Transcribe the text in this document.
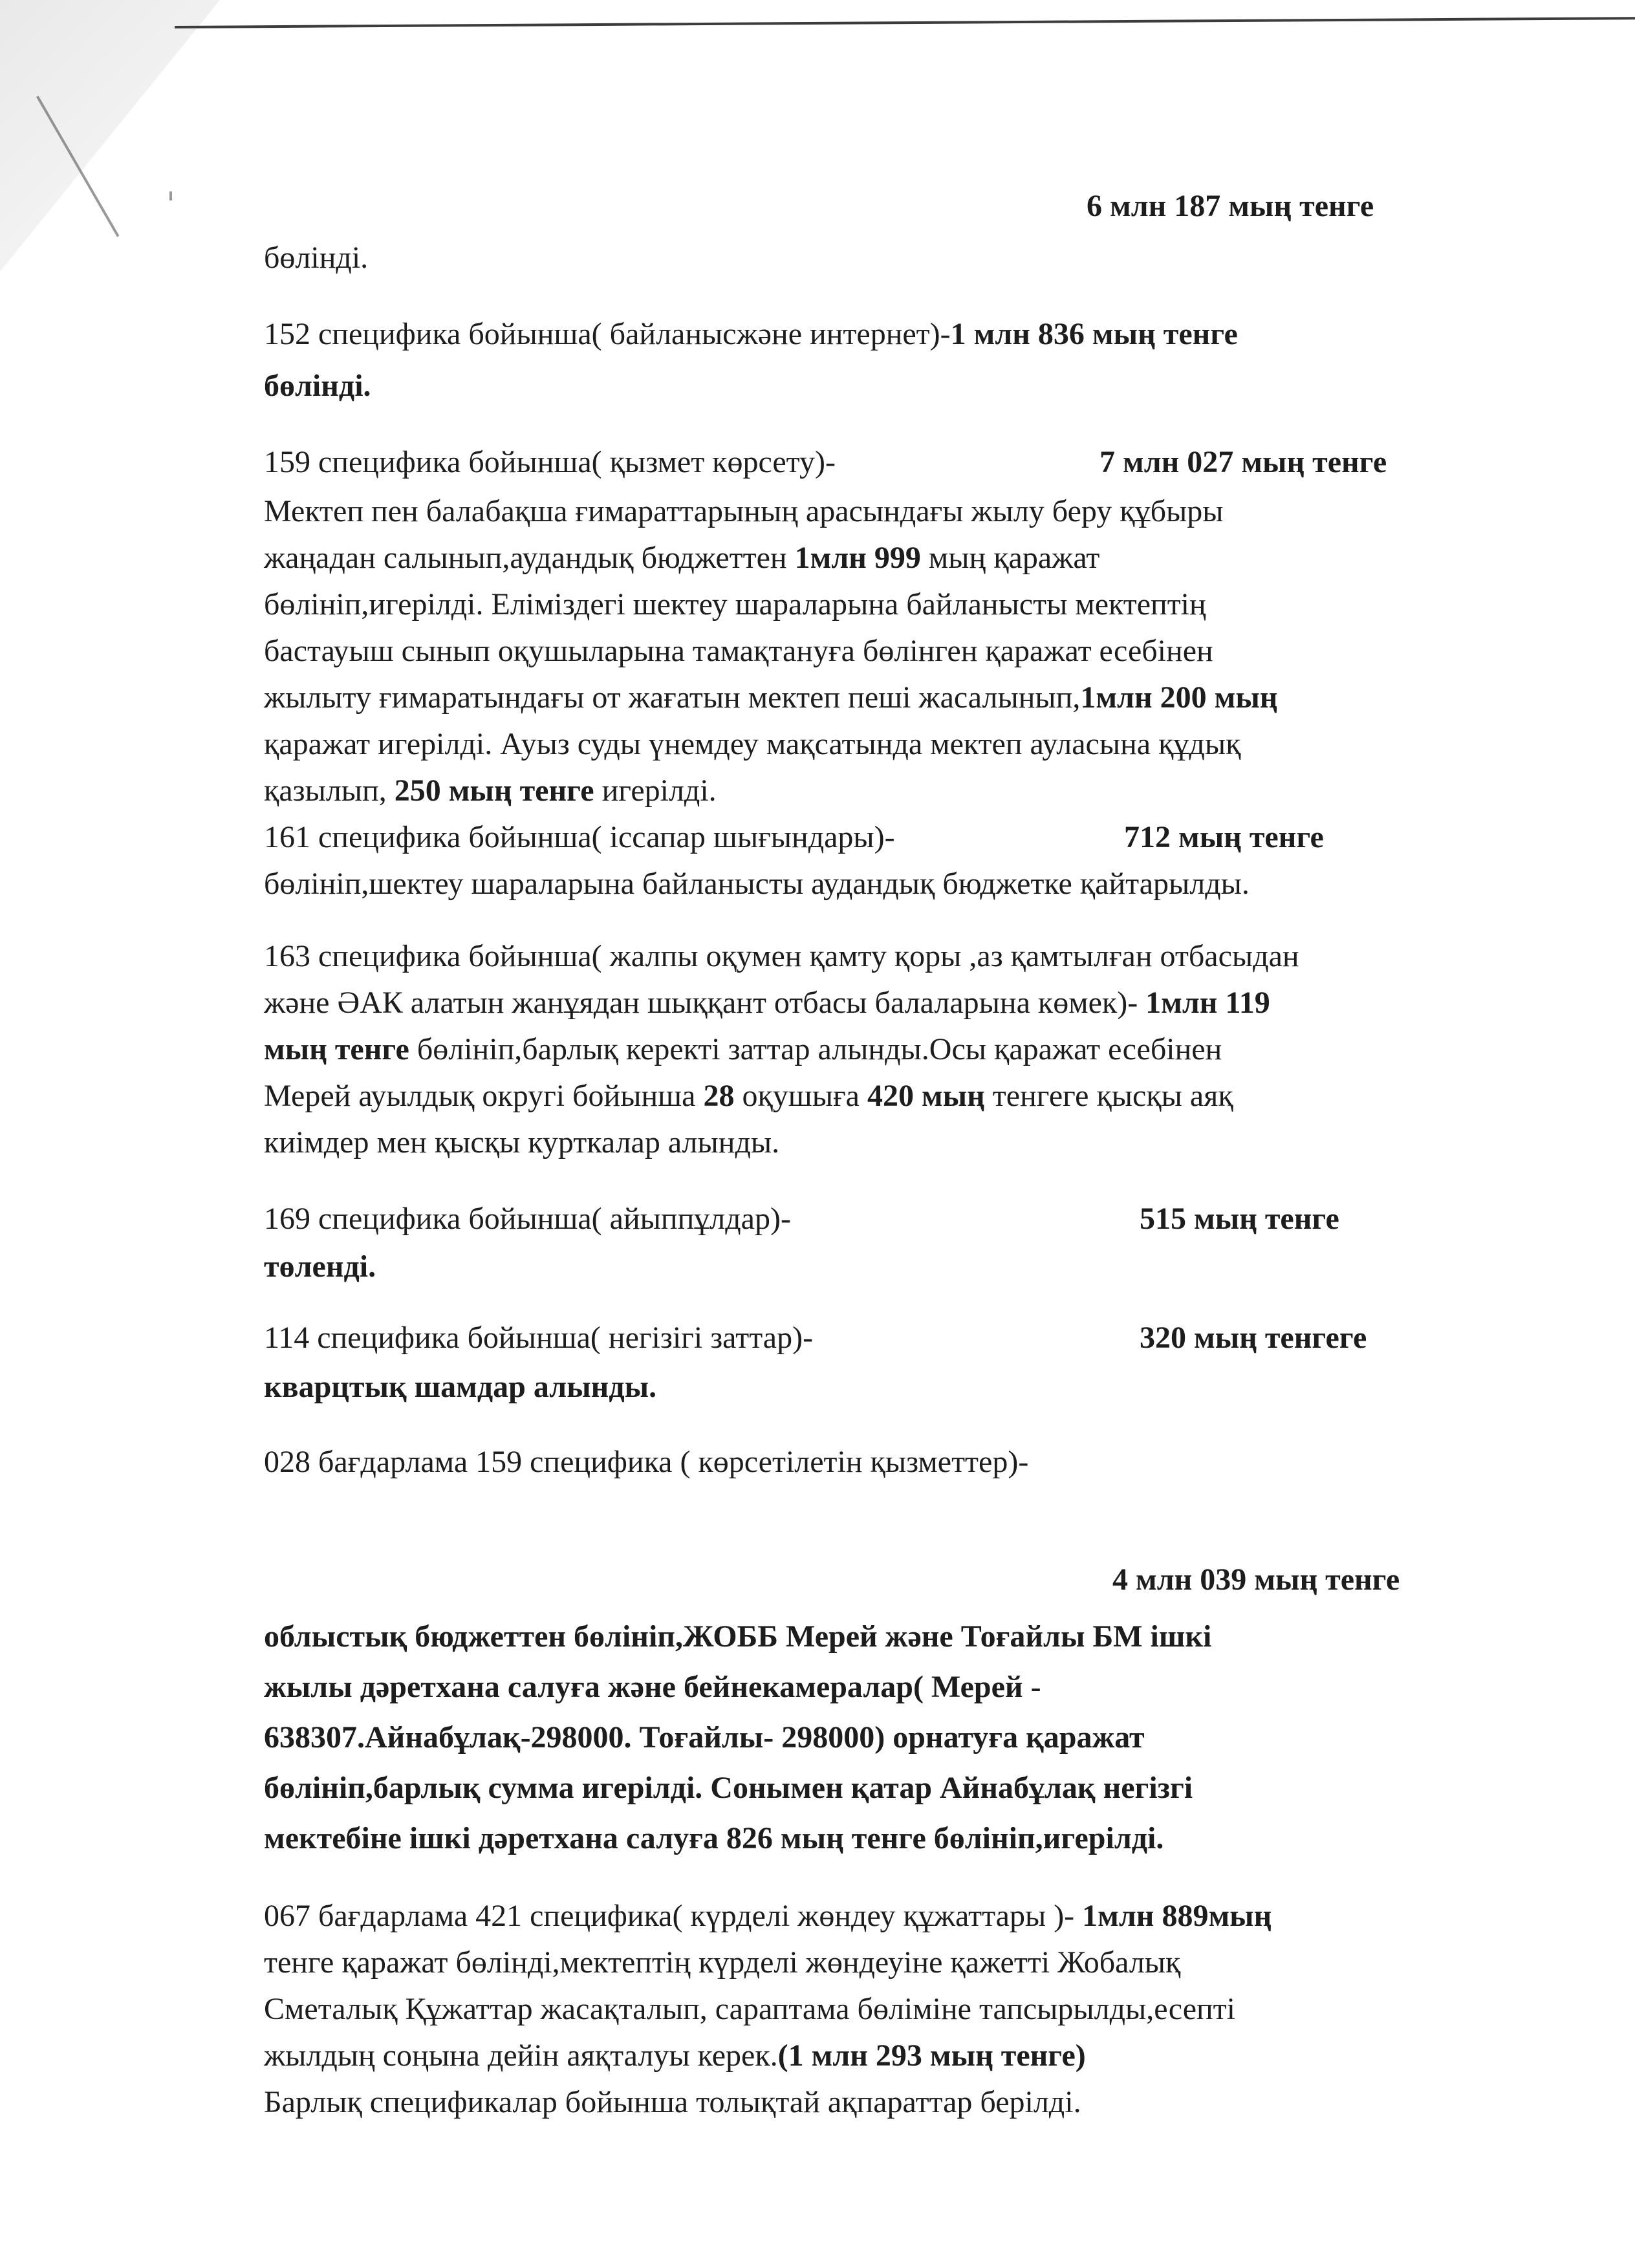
6 млн 187 мың тенге
бөлінді.
152 специфика бойынша( байланысжәне интернет)-1 млн 836 мың тенге
бөлінді.
159 специфика бойынша( қызмет көрсету)-	7 млн 027 мың тенге
Мектеп пен балабақша ғимараттарының арасындағы жылу беру құбыры
жаңадан салынып,аудандық бюджеттен 1млн 999 мың қаражат
бөлініп,игерілді. Еліміздегі шектеу шараларына байланысты мектептің
бастауыш сынып оқушыларына тамақтануға бөлінген қаражат есебінен
жылыту ғимаратындағы от жағатын мектеп пеші жасалынып,1млн 200 мың
қаражат игерілді. Ауыз суды үнемдеу мақсатында мектеп ауласына құдық
қазылып, 250 мың тенге игерілді.
161 специфика бойынша( іссапар шығындары)-	712 мың тенге
бөлініп,шектеу шараларына байланысты аудандық бюджетке қайтарылды.
163 специфика бойынша( жалпы оқумен қамту қоры ,аз қамтылған отбасыдан
және ӘАК алатын жанұядан шыққант отбасы балаларына көмек)- 1млн 119
мың тенге бөлініп,барлық керекті заттар алынды.Осы қаражат есебінен
Мерей ауылдық округі бойынша 28 оқушыға 420 мың тенгеге қысқы аяқ
киімдер мен қысқы курткалар алынды.
169 специфика бойынша( айыппұлдар)-	515 мың тенге
төленді.
114 специфика бойынша( негізігі заттар)-	320 мың тенгеге
кварцтық шамдар алынды.
028 бағдарлама 159 специфика ( көрсетілетін қызметтер)-
4 млн 039 мың тенге
облыстық бюджеттен бөлініп,ЖОББ Мерей және Тоғайлы БМ ішкі
жылы дәретхана салуға және бейнекамералар( Мерей -
638307.Айнабұлақ-298000. Тоғайлы- 298000) орнатуға қаражат
бөлініп,барлық сумма игерілді. Сонымен қатар Айнабұлақ негізгі
мектебіне ішкі дәретхана салуға 826 мың тенге бөлініп,игерілді.
067 бағдарлама 421 специфика( күрделі жөндеу құжаттары )- 1млн 889мың
тенге қаражат бөлінді,мектептің күрделі жөндеуіне қажетті Жобалық
Сметалық Құжаттар жасақталып, сараптама бөліміне тапсырылды,есепті
жылдың соңына дейін аяқталуы керек.(1 млн 293 мың тенге)
Барлық спецификалар бойынша толықтай ақпараттар берілді.
